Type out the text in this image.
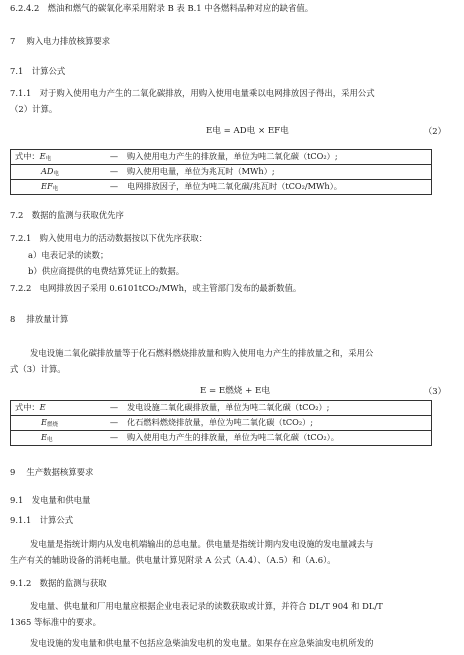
6.2.4.2　燃油和燃气的碳氧化率采用附录 B 表 B.1 中各燃料品种对应的缺省值。
7　 购入电力排放核算要求
7.1　计算公式
7.1.1　对于购入使用电力产生的二氧化碳排放，用购入使用电量乘以电网排放因子得出，采用公式
（2）计算。
E电 = AD电 × EF电	（2）
式中：E电	—	购入使用电力产生的排放量，单位为吨二氧化碳（tCO₂）;
AD电	—	购入使用电量，单位为兆瓦时（MWh）;
EF电	—	电网排放因子，单位为吨二氧化碳/兆瓦时（tCO₂/MWh）。
7.2　数据的监测与获取优先序
7.2.1　购入使用电力的活动数据按以下优先序获取：
a）电表记录的读数；
b）供应商提供的电费结算凭证上的数据。
7.2.2　电网排放因子采用 0.6101tCO₂/MWh，或主管部门发布的最新数值。
8　 排放量计算
发电设施二氧化碳排放量等于化石燃料燃烧排放量和购入使用电力产生的排放量之和，采用公
式（3）计算。
E = E燃烧 + E电	（3）
式中：E	—	发电设施二氧化碳排放量，单位为吨二氧化碳（tCO₂）;
E燃烧	—	化石燃料燃烧排放量，单位为吨二氧化碳（tCO₂）;
E电	—	购入使用电力产生的排放量，单位为吨二氧化碳（tCO₂）。
9　 生产数据核算要求
9.1　发电量和供电量
9.1.1　计算公式
发电量是指统计期内从发电机端输出的总电量。供电量是指统计期内发电设施的发电量减去与
生产有关的辅助设备的消耗电量。供电量计算见附录 A 公式（A.4）、（A.5）和（A.6）。
9.1.2　数据的监测与获取
发电量、供电量和厂用电量应根据企业电表记录的读数获取或计算，并符合 DL/T 904 和 DL/T
1365 等标准中的要求。
发电设施的发电量和供电量不包括应急柴油发电机的发电量。如果存在应急柴油发电机所发的
